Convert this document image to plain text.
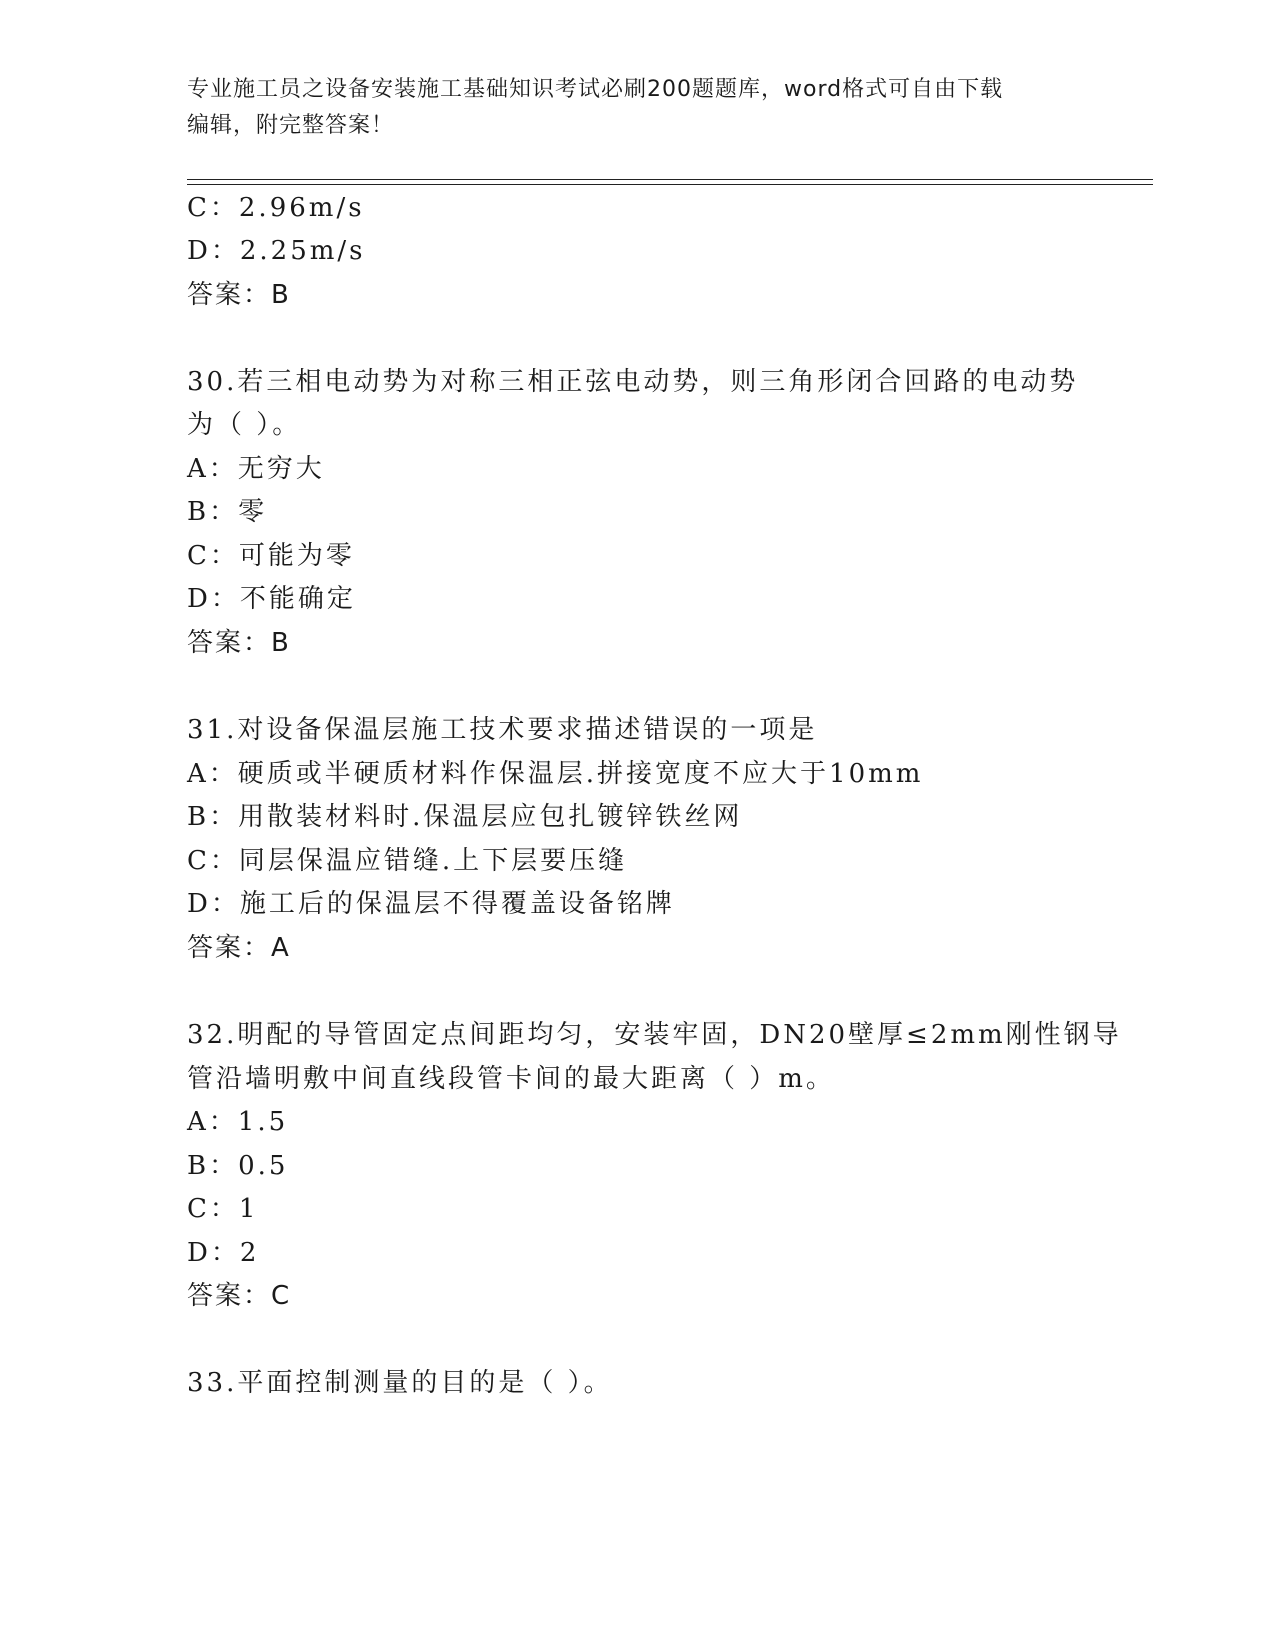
专业施工员之设备安装施工基础知识考试必刷200题题库，word格式可自由下载
编辑，附完整答案！
C：2.96m/s
D：2.25m/s
答案：B
30.若三相电动势为对称三相正弦电动势，则三角形闭合回路的电动势
为（ ）。
A：无穷大
B：零
C：可能为零
D：不能确定
答案：B
31.对设备保温层施工技术要求描述错误的一项是
A：硬质或半硬质材料作保温层.拼接宽度不应大于10mm
B：用散装材料时.保温层应包扎镀锌铁丝网
C：同层保温应错缝.上下层要压缝
D：施工后的保温层不得覆盖设备铭牌
答案：A
32.明配的导管固定点间距均匀，安装牢固，DN20壁厚≤2mm刚性钢导
管沿墙明敷中间直线段管卡间的最大距离（ ）m。
A：1.5
B：0.5
C：1
D：2
答案：C
33.平面控制测量的目的是（ ）。
